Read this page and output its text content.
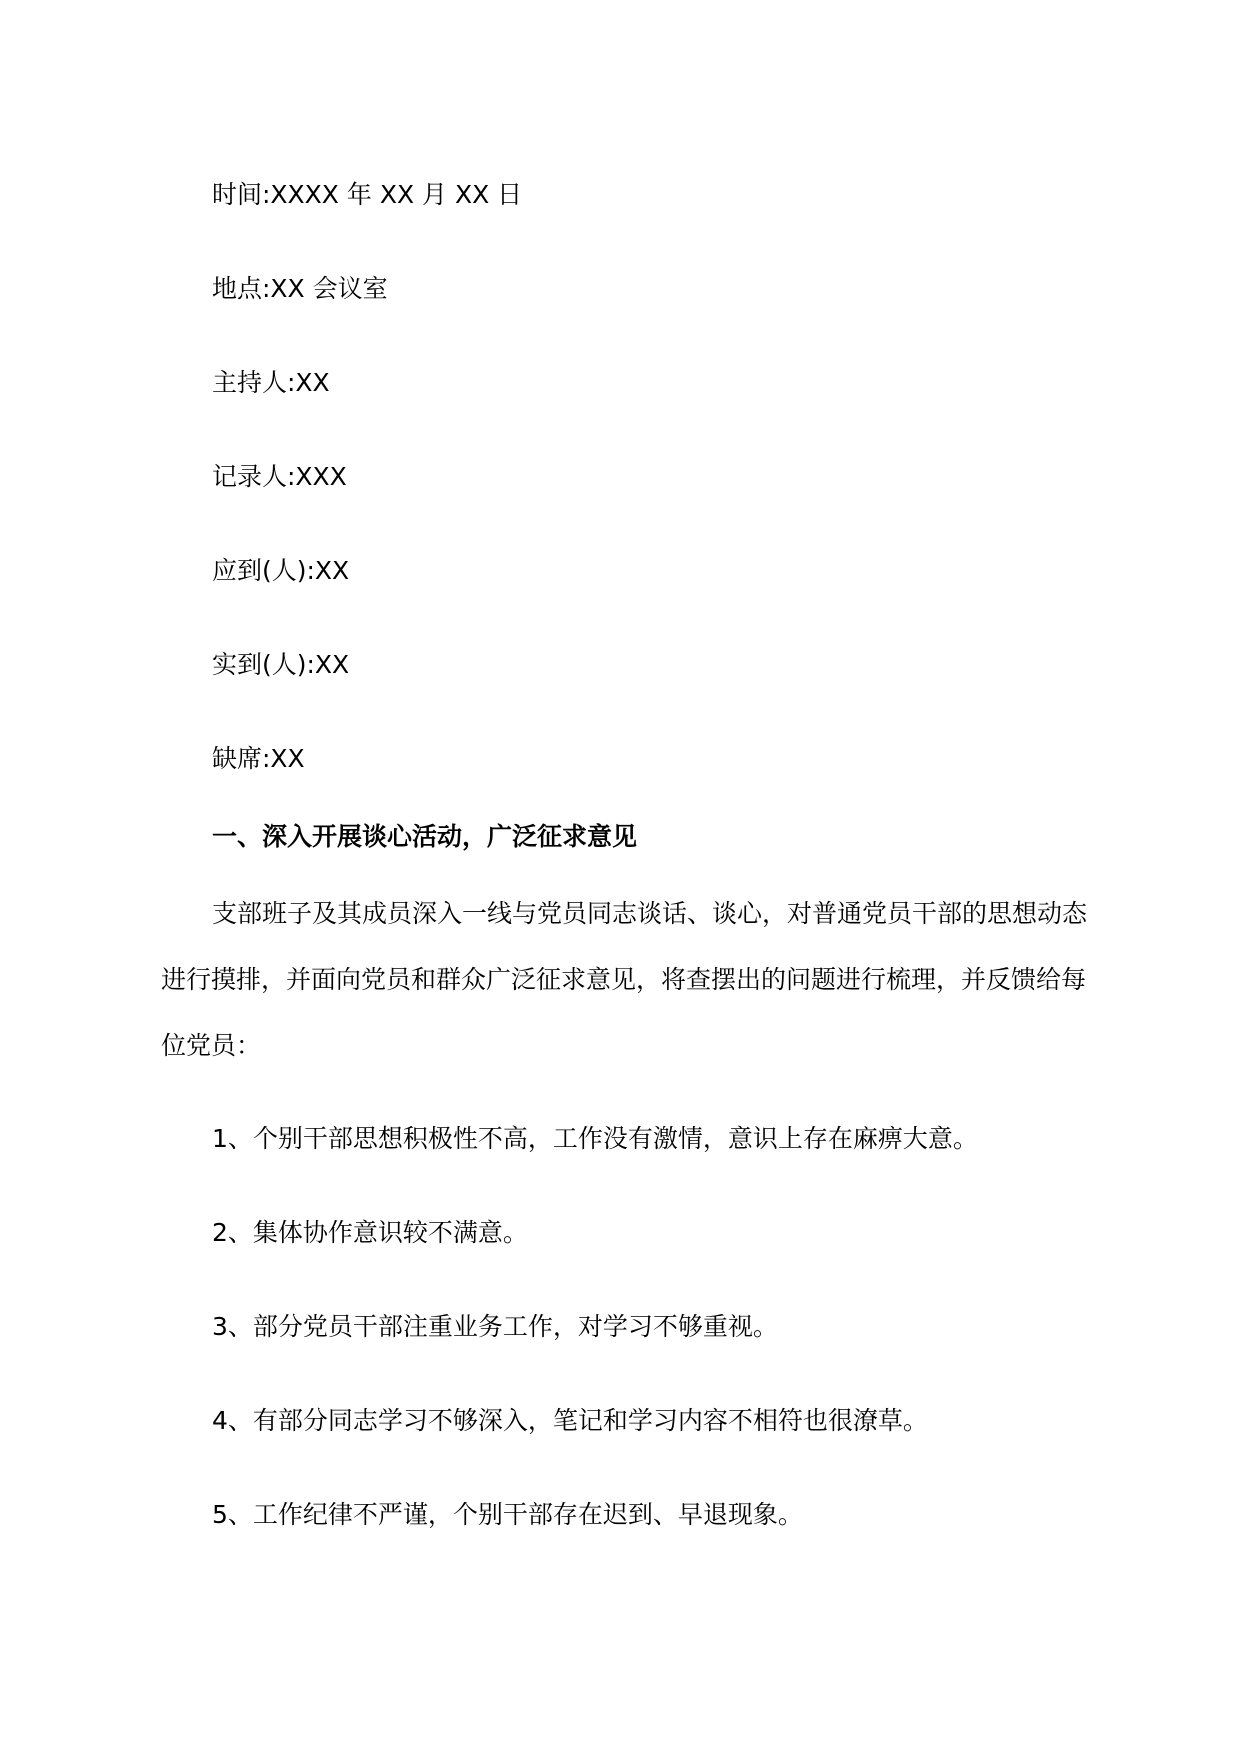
时间:XXXX 年 XX 月 XX 日
地点:XX 会议室
主持人:XX
记录人:XXX
应到(人):XX
实到(人):XX
缺席:XX
一、深入开展谈心活动，广泛征求意见
支部班子及其成员深入一线与党员同志谈话、谈心，对普通党员干部的思想动态
进行摸排，并面向党员和群众广泛征求意见，将查摆出的问题进行梳理，并反馈给每
位党员：
1、个别干部思想积极性不高，工作没有激情，意识上存在麻痹大意。
2、集体协作意识较不满意。
3、部分党员干部注重业务工作，对学习不够重视。
4、有部分同志学习不够深入，笔记和学习内容不相符也很潦草。
5、工作纪律不严谨，个别干部存在迟到、早退现象。
